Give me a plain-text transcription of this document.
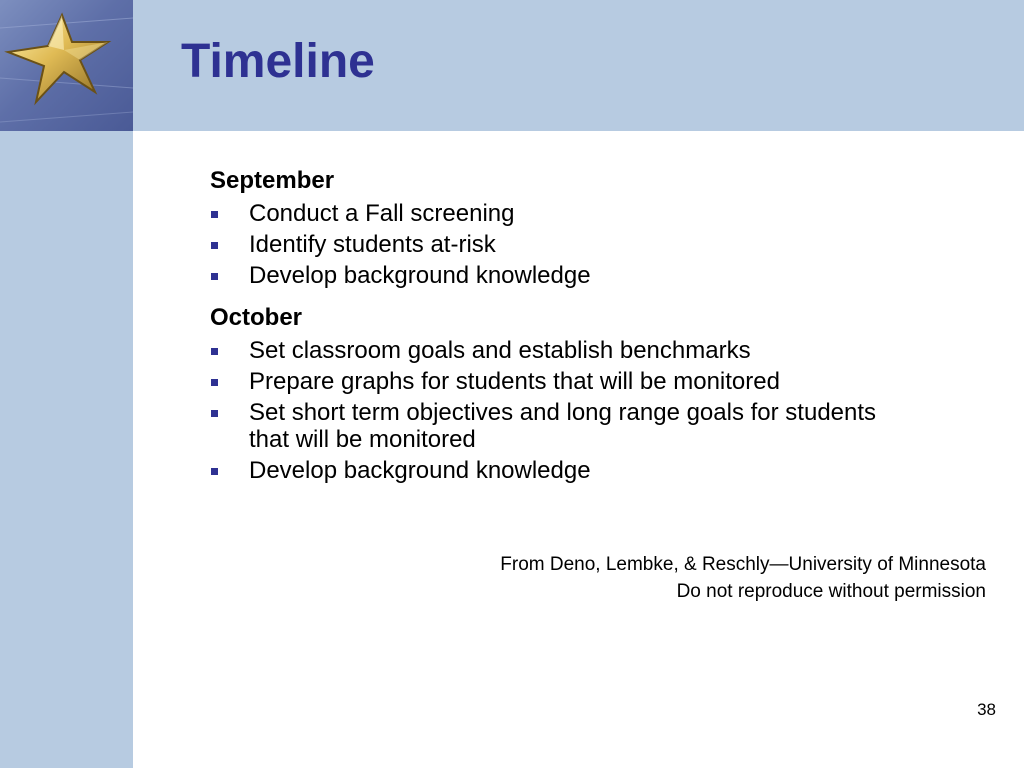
Timeline
September
Conduct a Fall screening
Identify students at-risk
Develop background knowledge
October
Set classroom goals and establish benchmarks
Prepare graphs for students that will be monitored
Set short term objectives and long range goals for students that will be monitored
Develop background knowledge
From Deno, Lembke, & Reschly—University of Minnesota
Do not reproduce without permission
38
